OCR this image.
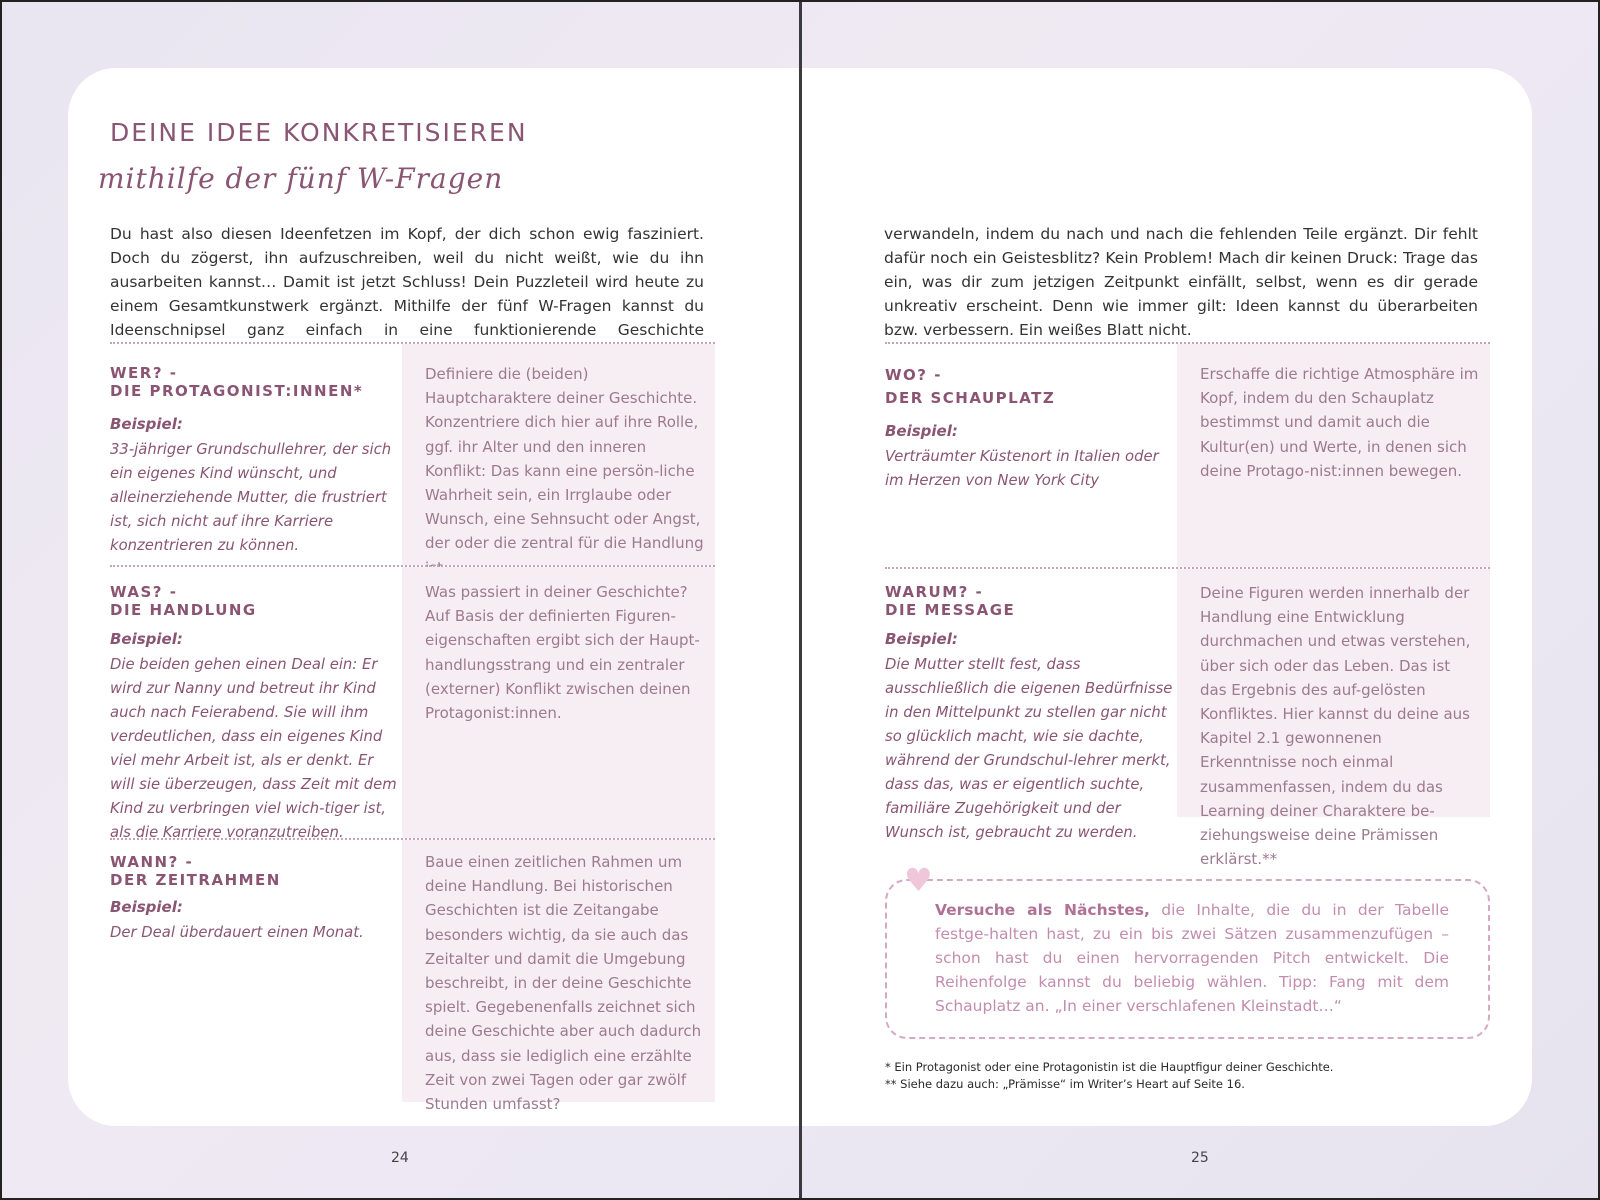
DEINE IDEE KONKRETISIEREN
mithilfe der fünf W-Fragen
Du hast also diesen Ideenfetzen im Kopf, der dich schon ewig fasziniert. Doch du zögerst, ihn aufzuschreiben, weil du nicht weißt, wie du ihn ausarbeiten kannst… Damit ist jetzt Schluss! Dein Puzzleteil wird heute zu einem Gesamtkunstwerk ergänzt. Mithilfe der fünf W-Fragen kannst du Ideenschnipsel ganz einfach in eine funktionierende Geschichte
WER? -
DIE PROTAGONIST:INNEN*
Beispiel:
33-jähriger Grundschullehrer, der sich ein eigenes Kind wünscht, und alleinerziehende Mutter, die frustriert ist, sich nicht auf ihre Karriere konzentrieren zu können.
Definiere die (beiden) Hauptcharaktere deiner Geschichte. Konzentriere dich hier auf ihre Rolle, ggf. ihr Alter und den inneren Konflikt: Das kann eine persön-liche Wahrheit sein, ein Irrglaube oder Wunsch, eine Sehnsucht oder Angst, der oder die zentral für die Handlung
WAS? -
DIE HANDLUNG
Beispiel:
Die beiden gehen einen Deal ein: Er wird zur Nanny und betreut ihr Kind auch nach Feierabend. Sie will ihm verdeutlichen, dass ein eigenes Kind viel mehr Arbeit ist, als er denkt. Er will sie überzeugen, dass Zeit mit dem Kind zu verbringen viel wich-tiger ist, als die Karriere voranzutreiben.
Was passiert in deiner Geschichte? Auf Basis der definierten Figuren-eigenschaften ergibt sich der Haupt-handlungsstrang und ein zentraler (externer) Konflikt zwischen deinen Protagonist:innen.
WANN? -
DER ZEITRAHMEN
Beispiel:
Der Deal überdauert einen Monat.
Baue einen zeitlichen Rahmen um deine Handlung. Bei historischen Geschichten ist die Zeitangabe besonders wichtig, da sie auch das Zeitalter und damit die Umgebung beschreibt, in der deine Geschichte spielt. Gegebenenfalls zeichnet sich deine Geschichte aber auch dadurch aus, dass sie lediglich eine erzählte Zeit von zwei Tagen oder gar zwölf Stunden umfasst?
24
verwandeln, indem du nach und nach die fehlenden Teile ergänzt. Dir fehlt dafür noch ein Geistesblitz? Kein Problem! Mach dir keinen Druck: Trage das ein, was dir zum jetzigen Zeitpunkt einfällt, selbst, wenn es dir gerade unkreativ erscheint. Denn wie immer gilt: Ideen kannst du überarbeiten bzw. verbessern. Ein weißes Blatt nicht.
WO? -
DER SCHAUPLATZ
Beispiel:
Verträumter Küstenort in Italien oder im Herzen von New York City
Erschaffe die richtige Atmosphäre im Kopf, indem du den Schauplatz bestimmst und damit auch die Kultur(en) und Werte, in denen sich deine Protago-nist:innen bewegen.
WARUM? -
DIE MESSAGE
Beispiel:
Die Mutter stellt fest, dass ausschließlich die eigenen Bedürfnisse in den Mittelpunkt zu stellen gar nicht so glücklich macht, wie sie dachte, während der Grundschul-lehrer merkt, dass das, was er eigentlich suchte, familiäre Zugehörigkeit und der Wunsch ist, gebraucht zu werden.
Deine Figuren werden innerhalb der Handlung eine Entwicklung durchmachen und etwas verstehen, über sich oder das Leben. Das ist das Ergebnis des auf-gelösten Konfliktes. Hier kannst du deine aus Kapitel 2.1 gewonnenen Erkenntnisse noch einmal zusammenfassen, indem du das Learning deiner Charaktere be-ziehungsweise deine Prämissen erklärst.**
♥
Versuche als Nächstes, die Inhalte, die du in der Tabelle festge-halten hast, zu ein bis zwei Sätzen zusammenzufügen – schon hast du einen hervorragenden Pitch entwickelt. Die Reihenfolge kannst du beliebig wählen. Tipp: Fang mit dem Schauplatz an. „In einer verschlafenen Kleinstadt…“
* Ein Protagonist oder eine Protagonistin ist die Hauptfigur deiner Geschichte.
** Siehe dazu auch: „Prämisse“ im Writer’s Heart auf Seite 16.
25
